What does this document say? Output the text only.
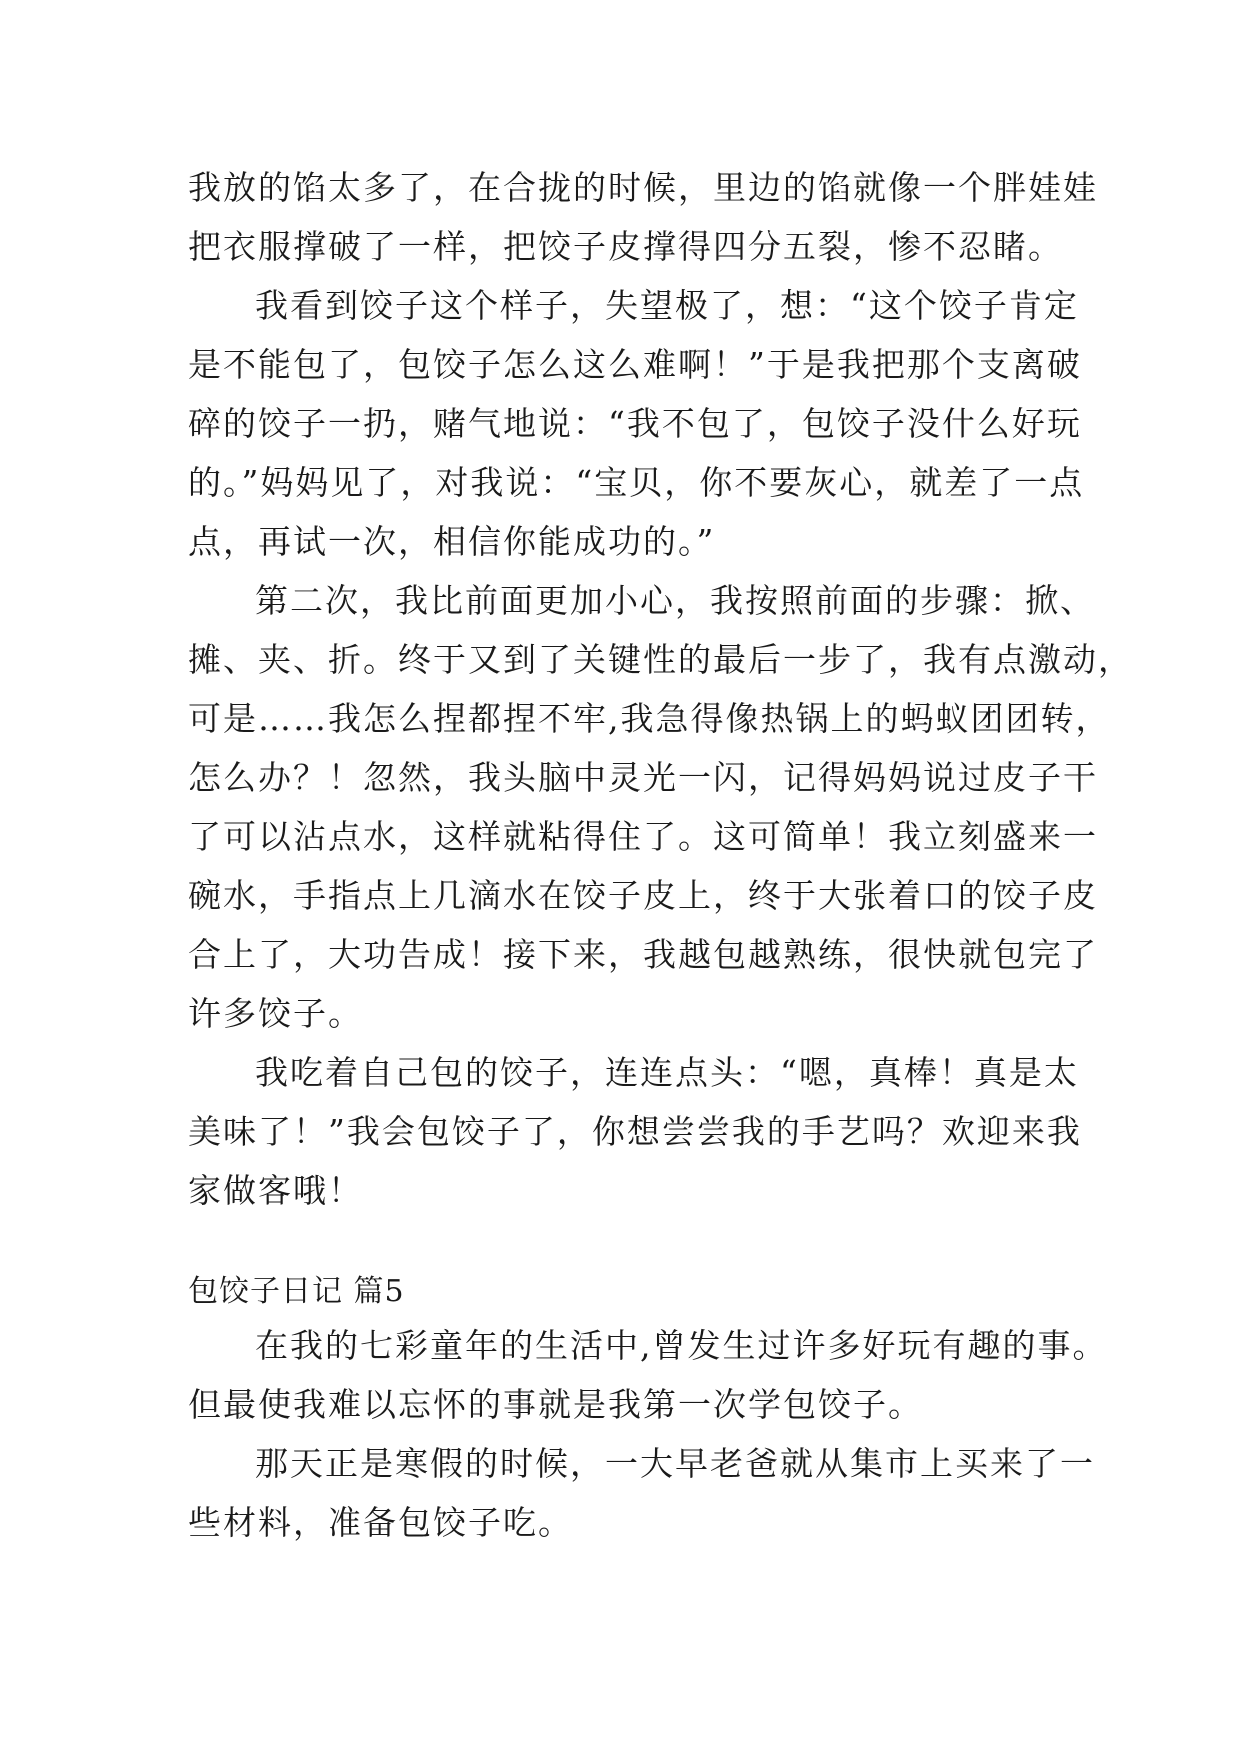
我放的馅太多了，在合拢的时候，里边的馅就像一个胖娃娃
把衣服撑破了一样，把饺子皮撑得四分五裂，惨不忍睹。
我看到饺子这个样子，失望极了，想：“这个饺子肯定
是不能包了，包饺子怎么这么难啊！”于是我把那个支离破
碎的饺子一扔，赌气地说：“我不包了，包饺子没什么好玩
的。”妈妈见了，对我说：“宝贝，你不要灰心，就差了一点
点，再试一次，相信你能成功的。”
第二次，我比前面更加小心，我按照前面的步骤：掀、
摊、夹、折。终于又到了关键性的最后一步了，我有点激动，
可是……我怎么捏都捏不牢,我急得像热锅上的蚂蚁团团转，
怎么办？！忽然，我头脑中灵光一闪，记得妈妈说过皮子干
了可以沾点水，这样就粘得住了。这可简单！我立刻盛来一
碗水，手指点上几滴水在饺子皮上，终于大张着口的饺子皮
合上了，大功告成！接下来，我越包越熟练，很快就包完了
许多饺子。
我吃着自己包的饺子，连连点头：“嗯，真棒！真是太
美味了！”我会包饺子了，你想尝尝我的手艺吗？欢迎来我
家做客哦！
包饺子日记 篇5
在我的七彩童年的生活中,曾发生过许多好玩有趣的事。
但最使我难以忘怀的事就是我第一次学包饺子。
那天正是寒假的时候，一大早老爸就从集市上买来了一
些材料，准备包饺子吃。
